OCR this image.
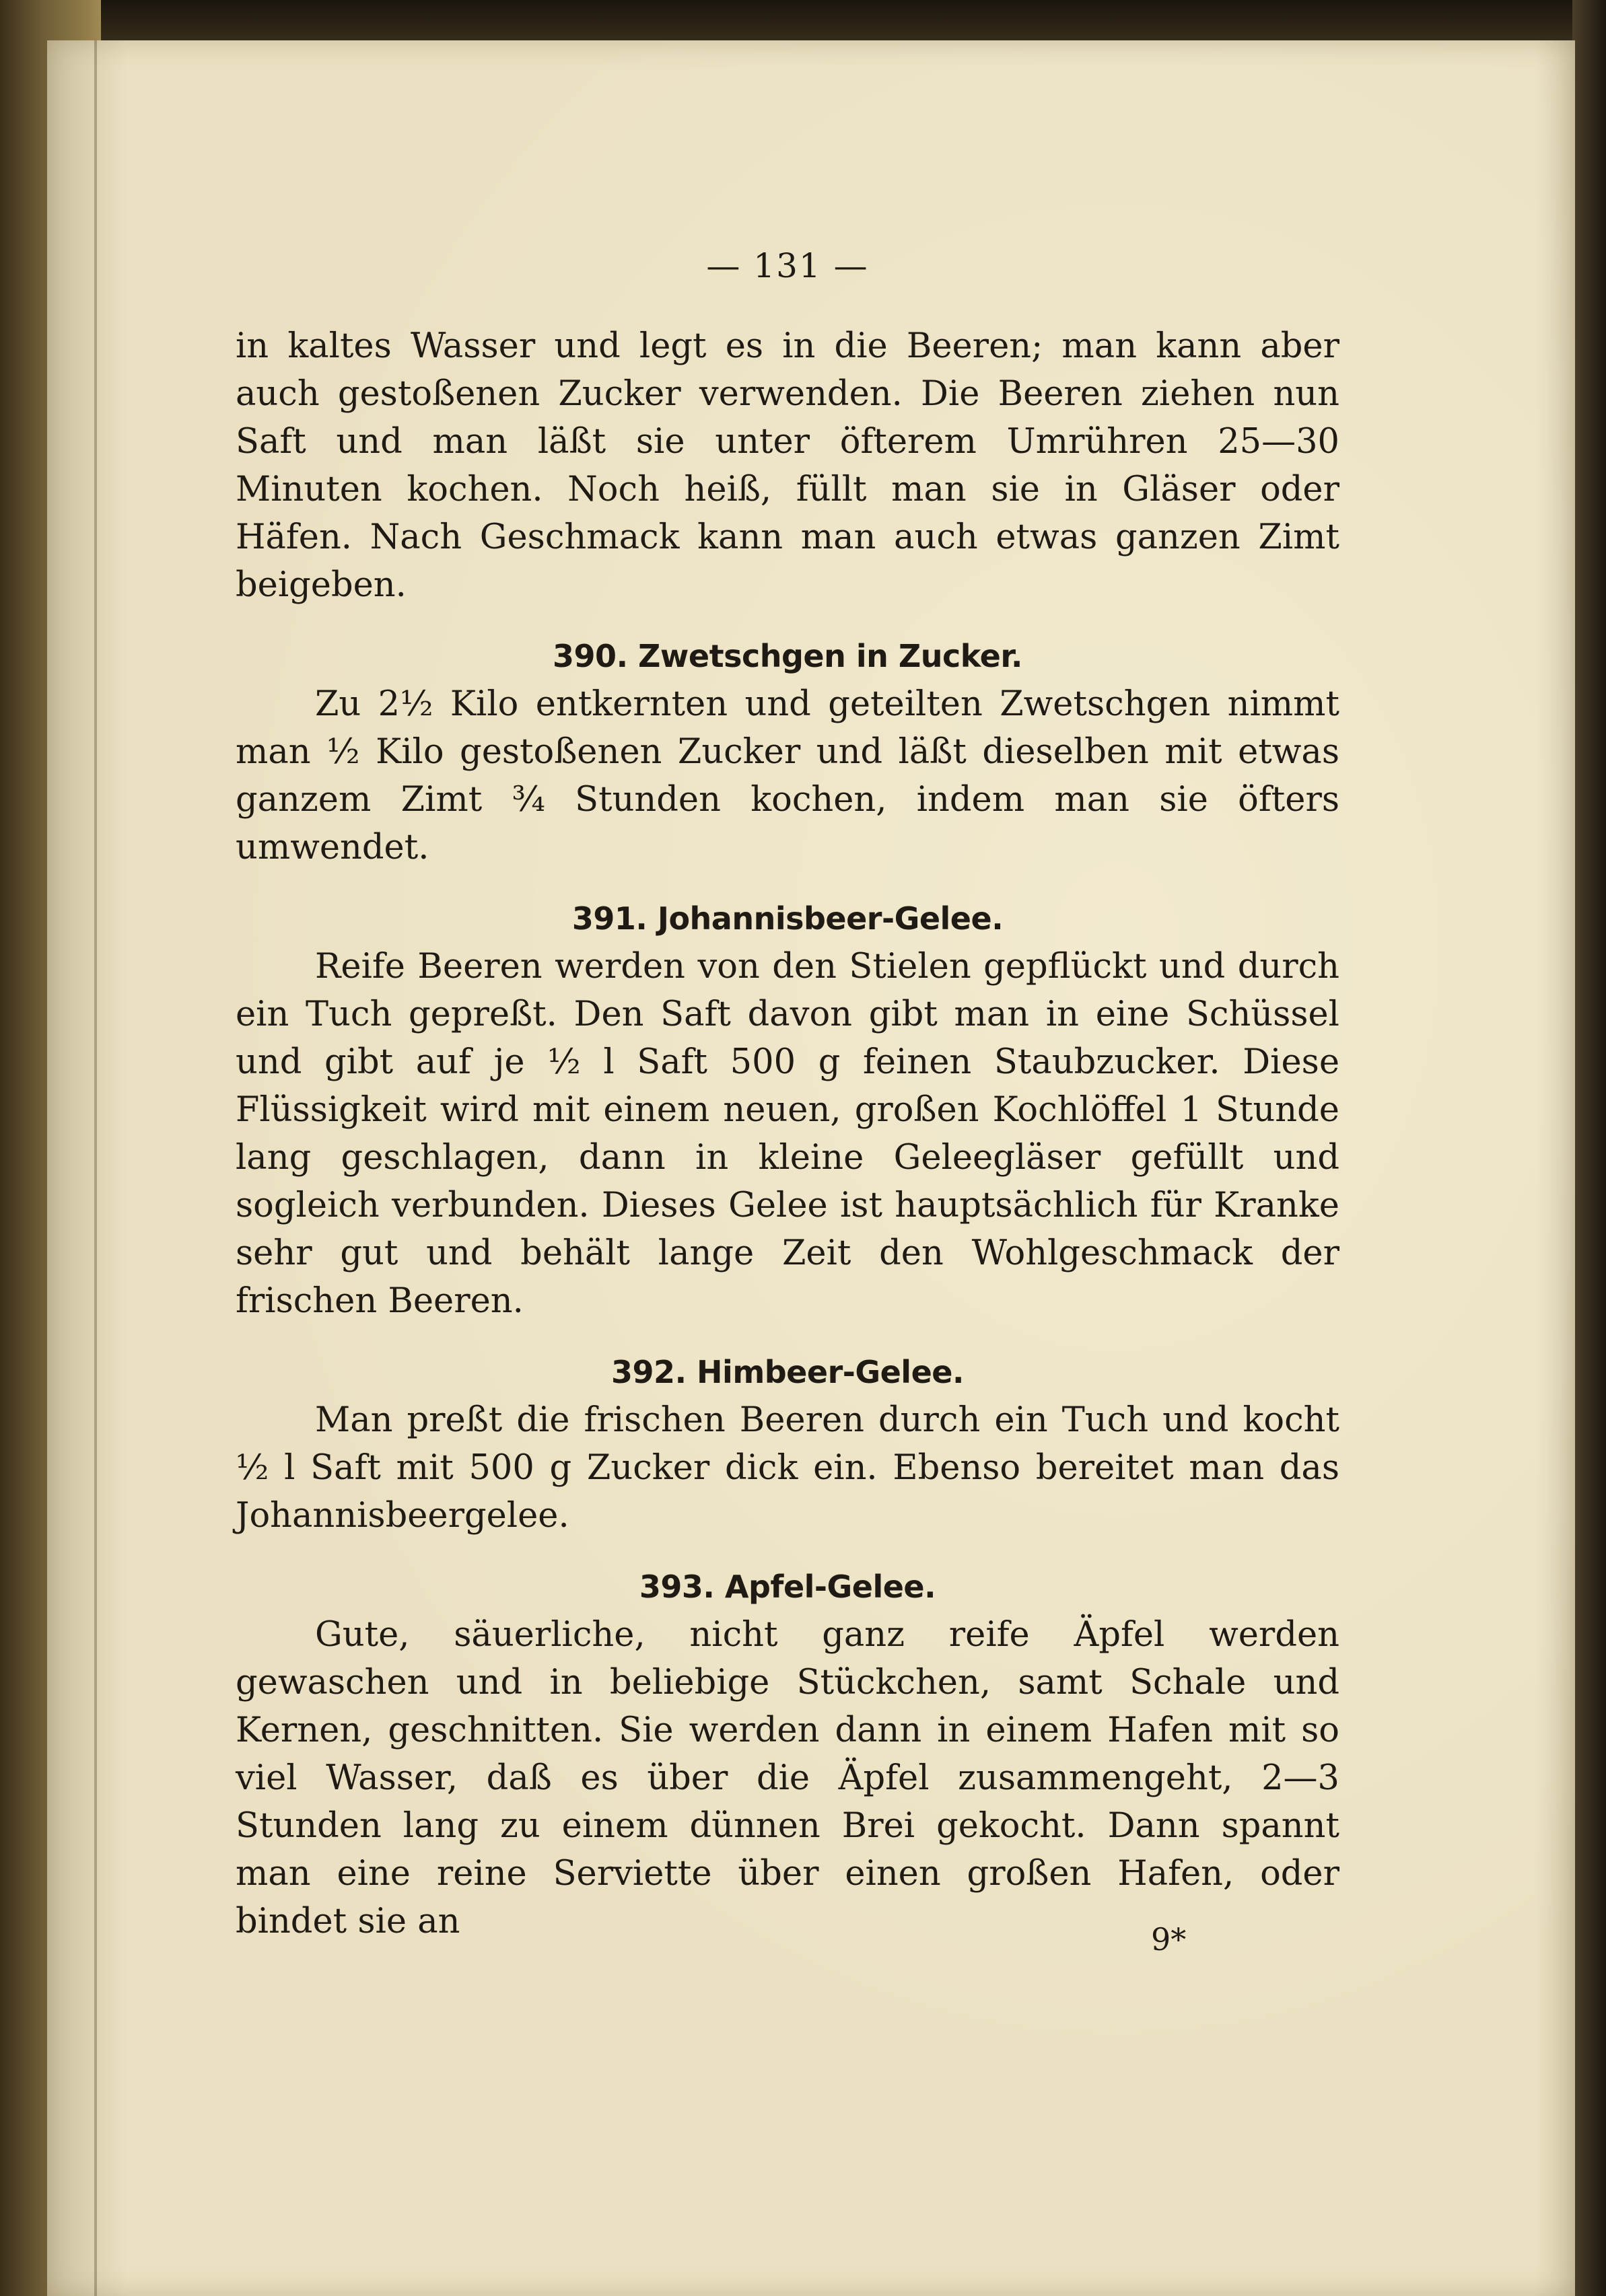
— 131 —

in kaltes Wasser und legt es in die Beeren; man kann aber auch gestoßenen Zucker verwenden. Die Beeren ziehen nun Saft und man läßt sie unter öfterem Umrühren 25—30 Minuten kochen. Noch heiß, füllt man sie in Gläser oder Häfen. Nach Geschmack kann man auch etwas ganzen Zimt beigeben.

390. Zwetschgen in Zucker.

Zu 2½ Kilo entkernten und geteilten Zwetschgen nimmt man ½ Kilo gestoßenen Zucker und läßt dieselben mit etwas ganzem Zimt ¾ Stunden kochen, indem man sie öfters umwendet.

391. Johannisbeer-Gelee.

Reife Beeren werden von den Stielen gepflückt und durch ein Tuch gepreßt. Den Saft davon gibt man in eine Schüssel und gibt auf je ½ l Saft 500 g feinen Staubzucker. Diese Flüssigkeit wird mit einem neuen, großen Kochlöffel 1 Stunde lang geschlagen, dann in kleine Geleegläser gefüllt und sogleich verbunden. Dieses Gelee ist hauptsächlich für Kranke sehr gut und behält lange Zeit den Wohlgeschmack der frischen Beeren.

392. Himbeer-Gelee.

Man preßt die frischen Beeren durch ein Tuch und kocht ½ l Saft mit 500 g Zucker dick ein. Ebenso bereitet man das Johannisbeergelee.

393. Apfel-Gelee.

Gute, säuerliche, nicht ganz reife Äpfel werden gewaschen und in beliebige Stückchen, samt Schale und Kernen, geschnitten. Sie werden dann in einem Hafen mit so viel Wasser, daß es über die Äpfel zusammengeht, 2—3 Stunden lang zu einem dünnen Brei gekocht. Dann spannt man eine reine Serviette über einen großen Hafen, oder bindet sie an	9*
